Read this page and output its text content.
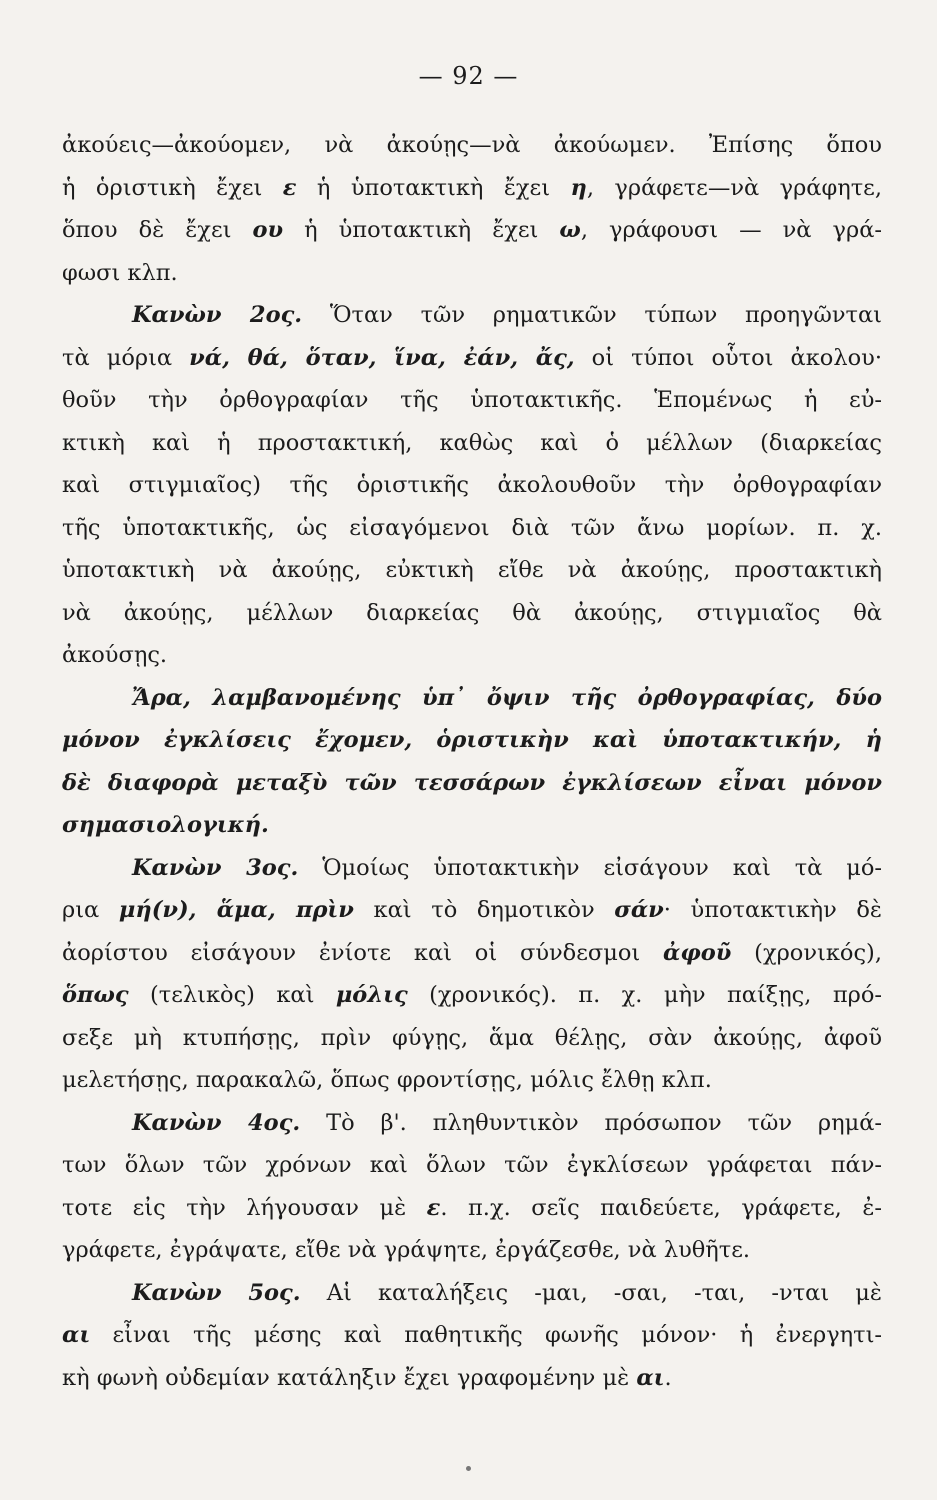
— 92 —
ἀκούεις—ἀκούομεν, νὰ ἀκούῃς—νὰ ἀκούωμεν. Ἐπίσης ὅπου
ἡ ὁριστικὴ ἔχει ε ἡ ὑποτακτικὴ ἔχει η, γράφετε—νὰ γράφητε,
ὅπου δὲ ἔχει ου ἡ ὑποτακτικὴ ἔχει ω, γράφουσι — νὰ γρά-
φωσι κλπ.
Κανὼν 2ος. Ὅταν τῶν ρηματικῶν τύπων προηγῶνται
τὰ μόρια νά, θά, ὅταν, ἵνα, ἐάν, ἄς, οἱ τύποι οὗτοι ἀκολου·
θοῦν τὴν ὀρθογραφίαν τῆς ὑποτακτικῆς. Ἑπομένως ἡ εὐ-
κτικὴ καὶ ἡ προστακτική, καθὼς καὶ ὁ μέλλων (διαρκείας
καὶ στιγμιαῖος) τῆς ὁριστικῆς ἀκολουθοῦν τὴν ὀρθογραφίαν
τῆς ὑποτακτικῆς, ὡς εἰσαγόμενοι διὰ τῶν ἄνω μορίων. π. χ.
ὑποτακτικὴ νὰ ἀκούῃς, εὐκτικὴ εἴθε νὰ ἀκούῃς, προστακτικὴ
νὰ ἀκούῃς, μέλλων διαρκείας θὰ ἀκούῃς, στιγμιαῖος θὰ
ἀκούσῃς.
Ἄρα, λαμβανομένης ὑπ᾿ ὄψιν τῆς ὀρθογραφίας, δύο
μόνον ἐγκλίσεις ἔχομεν, ὁριστικὴν καὶ ὑποτακτικήν, ἡ
δὲ διαφορὰ μεταξὺ τῶν τεσσάρων ἐγκλίσεων εἶναι μόνον
σημασιολογική.
Κανὼν 3ος. Ὁμοίως ὑποτακτικὴν εἰσάγουν καὶ τὰ μό-
ρια μή(ν), ἅμα, πρὶν καὶ τὸ δημοτικὸν σάν· ὑποτακτικὴν δὲ
ἀορίστου εἰσάγουν ἐνίοτε καὶ οἱ σύνδεσμοι ἀφοῦ (χρονικός),
ὅπως (τελικὸς) καὶ μόλις (χρονικός). π. χ. μὴν παίξῃς, πρό-
σεξε μὴ κτυπήσῃς, πρὶν φύγῃς, ἅμα θέλῃς, σὰν ἀκούῃς, ἀφοῦ
μελετήσῃς, παρακαλῶ, ὅπως φροντίσῃς, μόλις ἔλθῃ κλπ.
Κανὼν 4ος. Τὸ β'. πληθυντικὸν πρόσωπον τῶν ρημά-
των ὅλων τῶν χρόνων καὶ ὅλων τῶν ἐγκλίσεων γράφεται πάν-
τοτε εἰς τὴν λήγουσαν μὲ ε. π.χ. σεῖς παιδεύετε, γράφετε, ἐ-
γράφετε, ἐγράψατε, εἴθε νὰ γράψητε, ἐργάζεσθε, νὰ λυθῆτε.
Κανὼν 5ος. Αἱ καταλήξεις -μαι, -σαι, -ται, -νται μὲ
αι εἶναι τῆς μέσης καὶ παθητικῆς φωνῆς μόνον· ἡ ἐνεργητι-
κὴ φωνὴ οὐδεμίαν κατάληξιν ἔχει γραφομένην μὲ αι.
